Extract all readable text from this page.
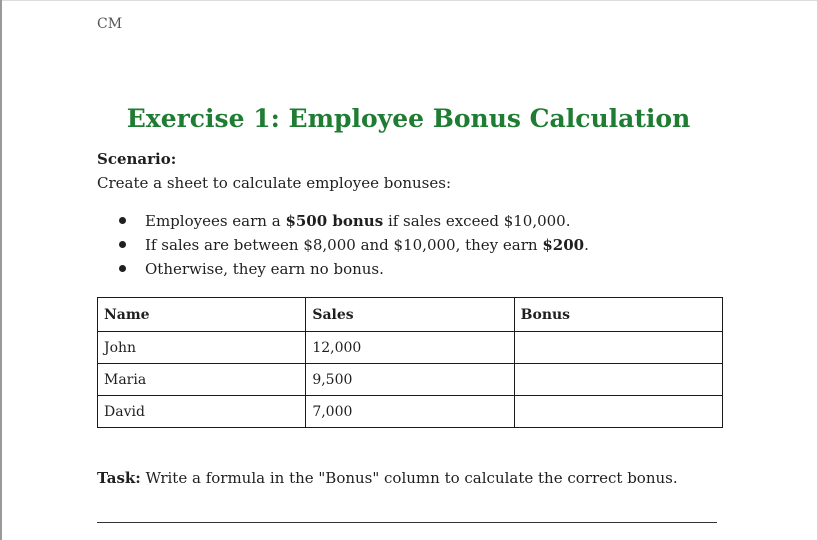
CM
Exercise 1: Employee Bonus Calculation
Scenario:
Create a sheet to calculate employee bonuses:
Employees earn a $500 bonus if sales exceed $10,000.
If sales are between $8,000 and $10,000, they earn $200.
Otherwise, they earn no bonus.
Name	Sales	Bonus
John	12,000	
Maria	9,500	
David	7,000	
Task: Write a formula in the "Bonus" column to calculate the correct bonus.
